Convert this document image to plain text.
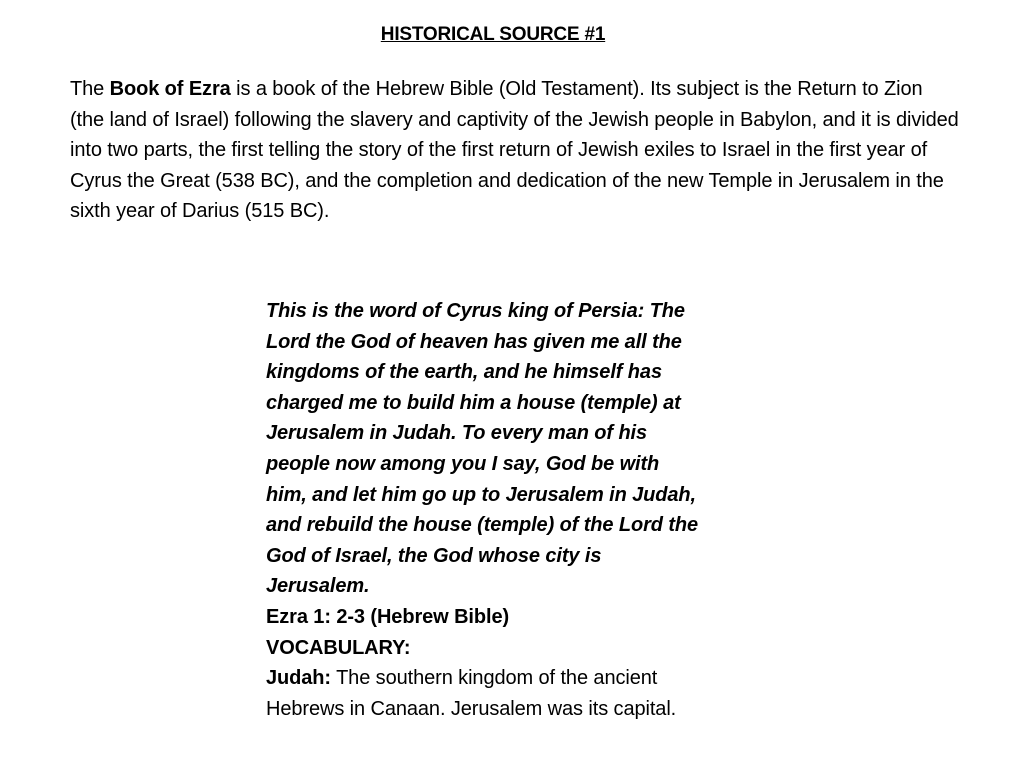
HISTORICAL SOURCE #1
The Book of Ezra is a book of the Hebrew Bible (Old Testament). Its subject is the Return to Zion (the land of Israel) following the slavery and captivity of the Jewish people in Babylon, and it is divided into two parts, the first telling the story of the first return of Jewish exiles to Israel in the first year of Cyrus the Great (538 BC), and the completion and dedication of the new Temple in Jerusalem in the sixth year of Darius (515 BC).
This is the word of Cyrus king of Persia: The
Lord the God of heaven has given me all the
kingdoms of the earth, and he himself has
charged me to build him a house (temple) at
Jerusalem in Judah. To every man of his
people now among you I say, God be with
him, and let him go up to Jerusalem in Judah,
and rebuild the house (temple) of the Lord the
God of Israel, the God whose city is
Jerusalem.
Ezra 1: 2-3 (Hebrew Bible)
VOCABULARY:
Judah: The southern kingdom of the ancient
Hebrews in Canaan. Jerusalem was its capital.
